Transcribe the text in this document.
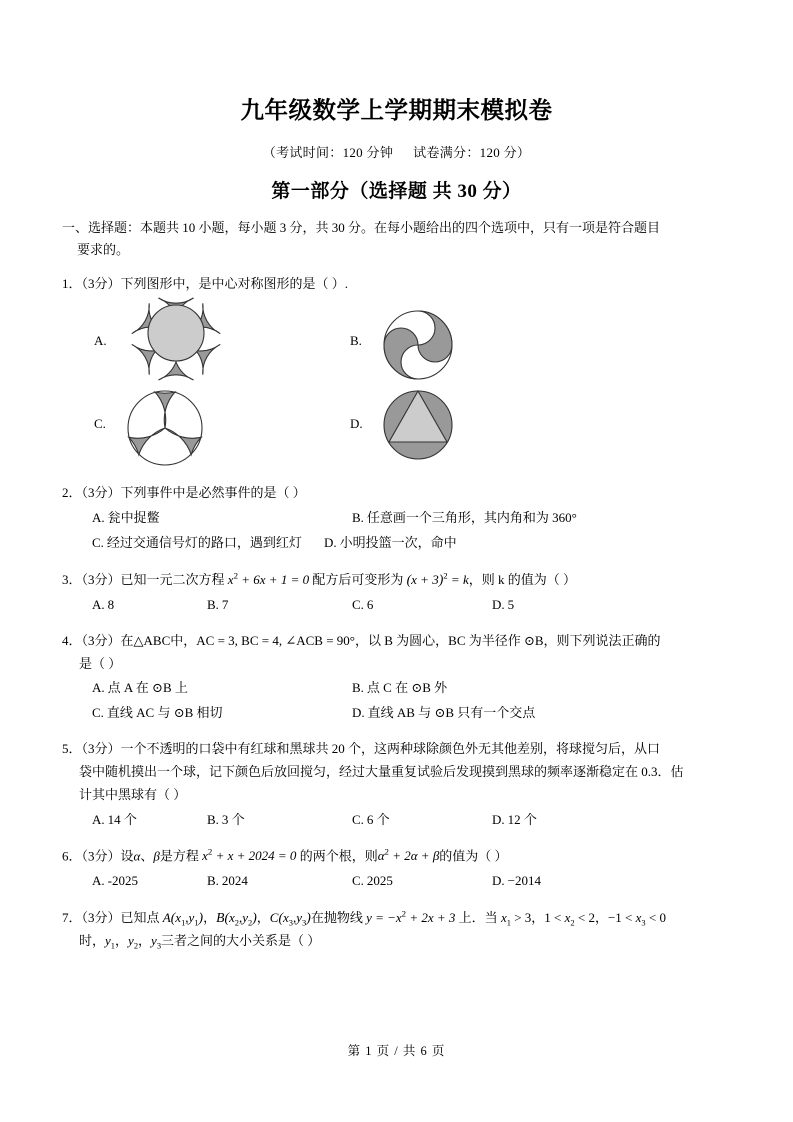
九年级数学上学期期末模拟卷
（考试时间：120 分钟 试卷满分：120 分）
第一部分（选择题 共 30 分）
一、选择题：本题共 10 小题，每小题 3 分，共 30 分。在每小题给出的四个选项中，只有一项是符合题目
要求的。
1．（3分）下列图形中，是中心对称图形的是（ ）.
A.	B.
C.	D.
2．（3分）下列事件中是必然事件的是（ ）
A. 瓮中捉鳖	B. 任意画一个三角形，其内角和为 360°
C. 经过交通信号灯的路口，遇到红灯 D. 小明投篮一次，命中
3．（3分）已知一元二次方程 $x^2 + 6x + 1 = 0$ 配方后可变形为 $(x + 3)^2 = k$，则 k 的值为（ ）
A. 8	B. 7	C. 6	D. 5
4．（3分）在△ABC中，AC = 3, BC = 4, ∠ACB = 90°，以 B 为圆心，BC 为半径作 ⊙B，则下列说法正确的
是（ ）
A. 点 A 在 ⊙B 上	B. 点 C 在 ⊙B 外
C. 直线 AC 与 ⊙B 相切	D. 直线 AB 与 ⊙B 只有一个交点
5．（3分）一个不透明的口袋中有红球和黑球共 20 个，这两种球除颜色外无其他差别，将球搅匀后，从口
袋中随机摸出一个球，记下颜色后放回搅匀，经过大量重复试验后发现摸到黑球的频率逐渐稳定在 0.3．估
计其中黑球有（ ）
A. 14 个	B. 3 个	C. 6 个	D. 12 个
6．（3分）设α、β是方程 $x^2 + x + 2024 = 0$ 的两个根，则$\alpha^2 + 2\alpha + \beta$的值为（ ）
A. -2025	B. 2024	C. 2025	D. −2014
7．（3分）已知点 $A(x_1,y_1)$，$B(x_2,y_2)$，$C(x_3,y_3)$在抛物线 $y = -x^2 + 2x + 3$ 上．当 $x_1 > 3$，$1 < x_2 < 2$，$-1 < x_3 < 0$
时，$y_1$，$y_2$，$y_3$三者之间的大小关系是（ ）
第 1 页 / 共 6 页
